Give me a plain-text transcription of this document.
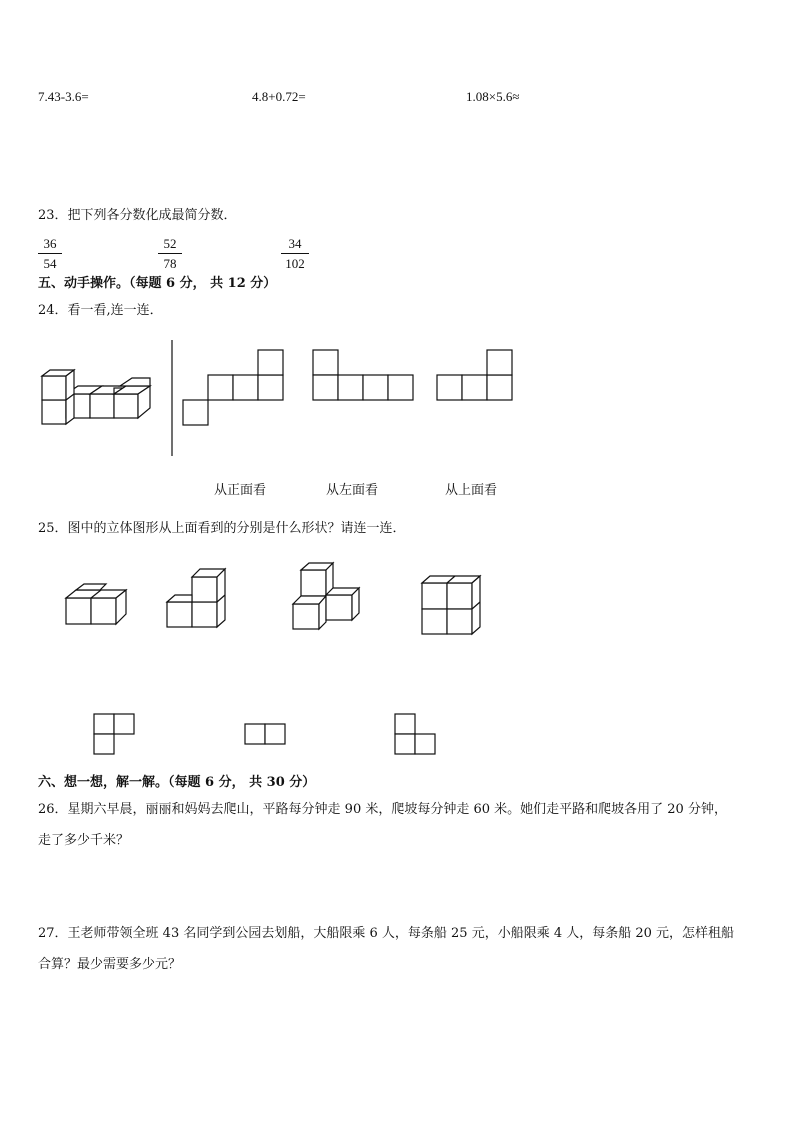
7.43-3.6=	4.8+0.72=	1.08×5.6≈
23．把下列各分数化成最简分数．
$\frac{36}{54}$	$\frac{52}{78}$	$\frac{34}{102}$
五、动手操作。（每题 6 分， 共 12 分）
24．看一看,连一连．
从正面看	从左面看	从上面看
25．图中的立体图形从上面看到的分别是什么形状？请连一连．
六、想一想，解一解。（每题 6 分， 共 30 分）
26．星期六早晨，丽丽和妈妈去爬山，平路每分钟走 90 米，爬坡每分钟走 60 米。她们走平路和爬坡各用了 20 分钟，
走了多少千米？
27．王老师带领全班 43 名同学到公园去划船，大船限乘 6 人，每条船 25 元，小船限乘 4 人，每条船 20 元，怎样租船
合算？最少需要多少元？
